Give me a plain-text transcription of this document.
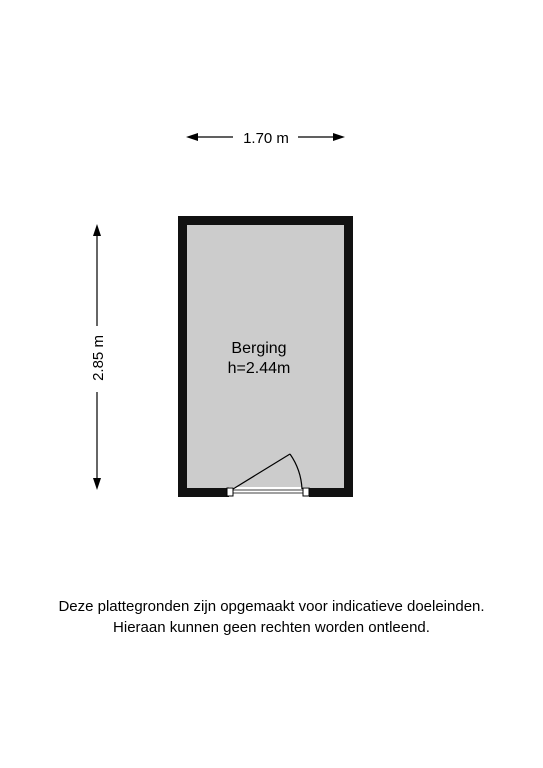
1.70 m
2.85 m	Berging
h=2.44m
Deze plattegronden zijn opgemaakt voor indicatieve doeleinden.
Hieraan kunnen geen rechten worden ontleend.
